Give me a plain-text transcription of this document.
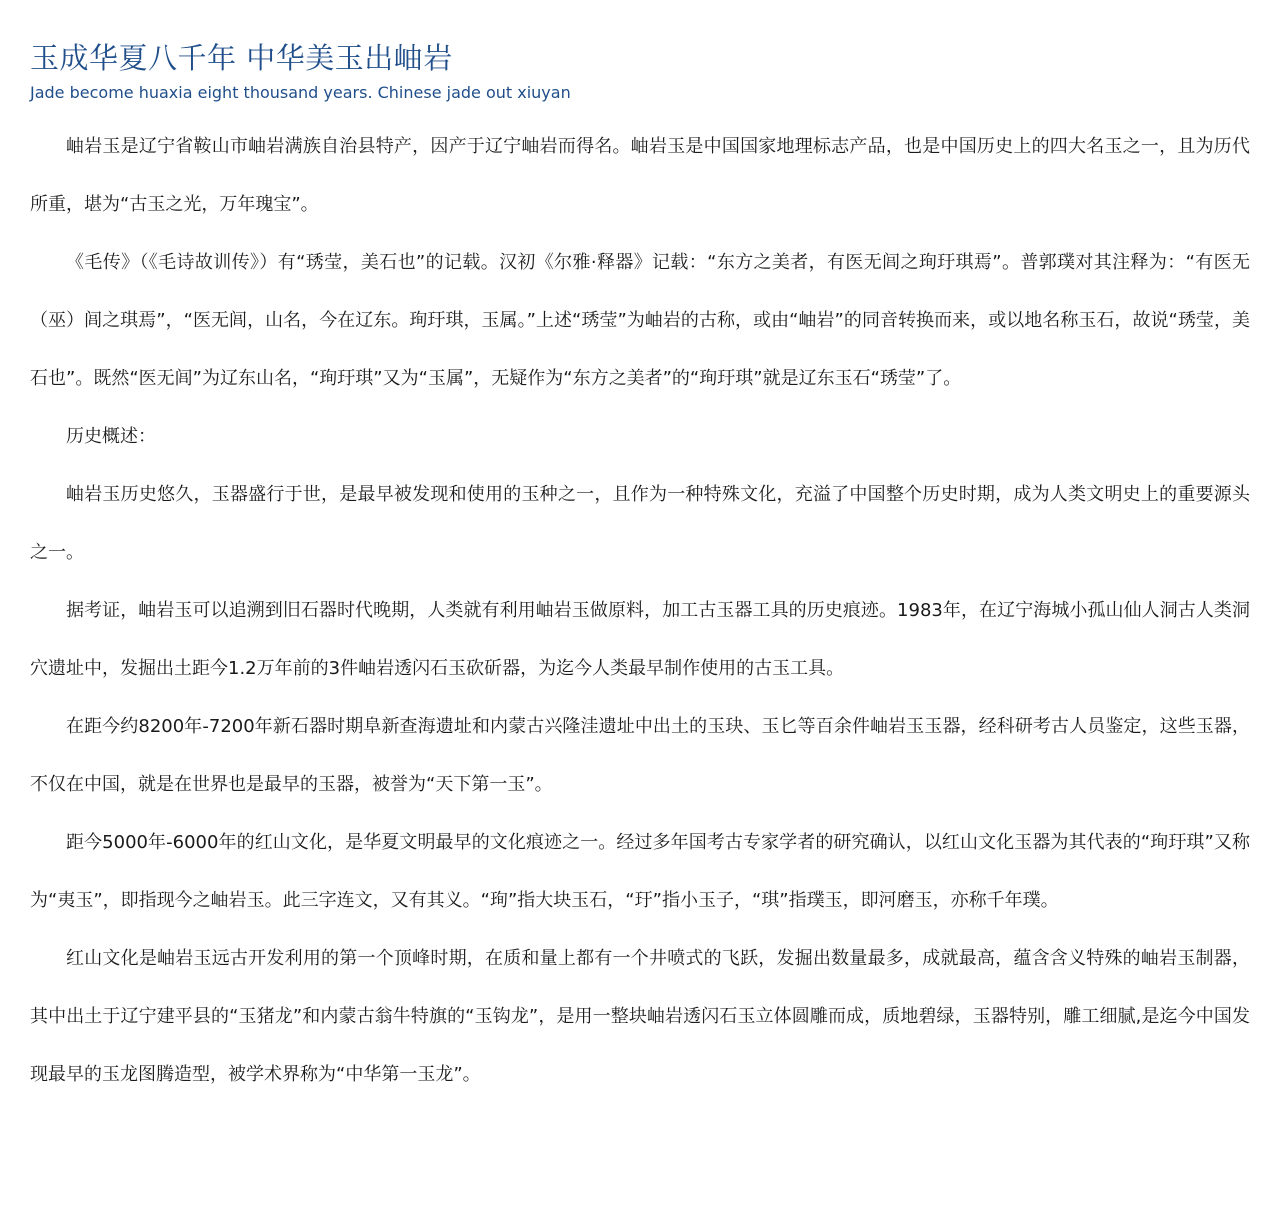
玉成华夏八千年 中华美玉出岫岩
Jade become huaxia eight thousand years. Chinese jade out xiuyan

岫岩玉是辽宁省鞍山市岫岩满族自治县特产，因产于辽宁岫岩而得名。岫岩玉是中国国家地理标志产品，也是中国历史上的四大名玉之一，且为历代所重，堪为“古玉之光，万年瑰宝”。

《毛传》（《毛诗故训传》）有“琇莹，美石也”的记载。汉初《尔雅·释器》记载：“东方之美者，有医无闾之珣玗琪焉”。普郭璞对其注释为：“有医无（巫）闾之琪焉”，“医无闾，山名，今在辽东。珣玗琪，玉属。”上述“琇莹”为岫岩的古称，或由“岫岩”的同音转换而来，或以地名称玉石，故说“琇莹，美石也”。既然“医无闾”为辽东山名，“珣玗琪”又为“玉属”，无疑作为“东方之美者”的“珣玗琪”就是辽东玉石“琇莹”了。

历史概述：

岫岩玉历史悠久，玉器盛行于世，是最早被发现和使用的玉种之一，且作为一种特殊文化，充溢了中国整个历史时期，成为人类文明史上的重要源头之一。

据考证，岫岩玉可以追溯到旧石器时代晚期，人类就有利用岫岩玉做原料，加工古玉器工具的历史痕迹。1983年，在辽宁海城小孤山仙人洞古人类洞穴遗址中，发掘出土距今1.2万年前的3件岫岩透闪石玉砍斫器，为迄今人类最早制作使用的古玉工具。

在距今约8200年-7200年新石器时期阜新查海遗址和内蒙古兴隆洼遗址中出土的玉玦、玉匕等百余件岫岩玉玉器，经科研考古人员鉴定，这些玉器，不仅在中国，就是在世界也是最早的玉器，被誉为“天下第一玉”。

距今5000年-6000年的红山文化，是华夏文明最早的文化痕迹之一。经过多年国考古专家学者的研究确认，以红山文化玉器为其代表的“珣玗琪”又称为“夷玉”，即指现今之岫岩玉。此三字连文，又有其义。“珣”指大块玉石，“玗”指小玉子，“琪”指璞玉，即河磨玉，亦称千年璞。

红山文化是岫岩玉远古开发利用的第一个顶峰时期，在质和量上都有一个井喷式的飞跃，发掘出数量最多，成就最高，蕴含含义特殊的岫岩玉制器，其中出土于辽宁建平县的“玉猪龙”和内蒙古翁牛特旗的“玉钩龙”，是用一整块岫岩透闪石玉立体圆雕而成，质地碧绿，玉器特别，雕工细腻,是迄今中国发现最早的玉龙图腾造型，被学术界称为“中华第一玉龙”。
